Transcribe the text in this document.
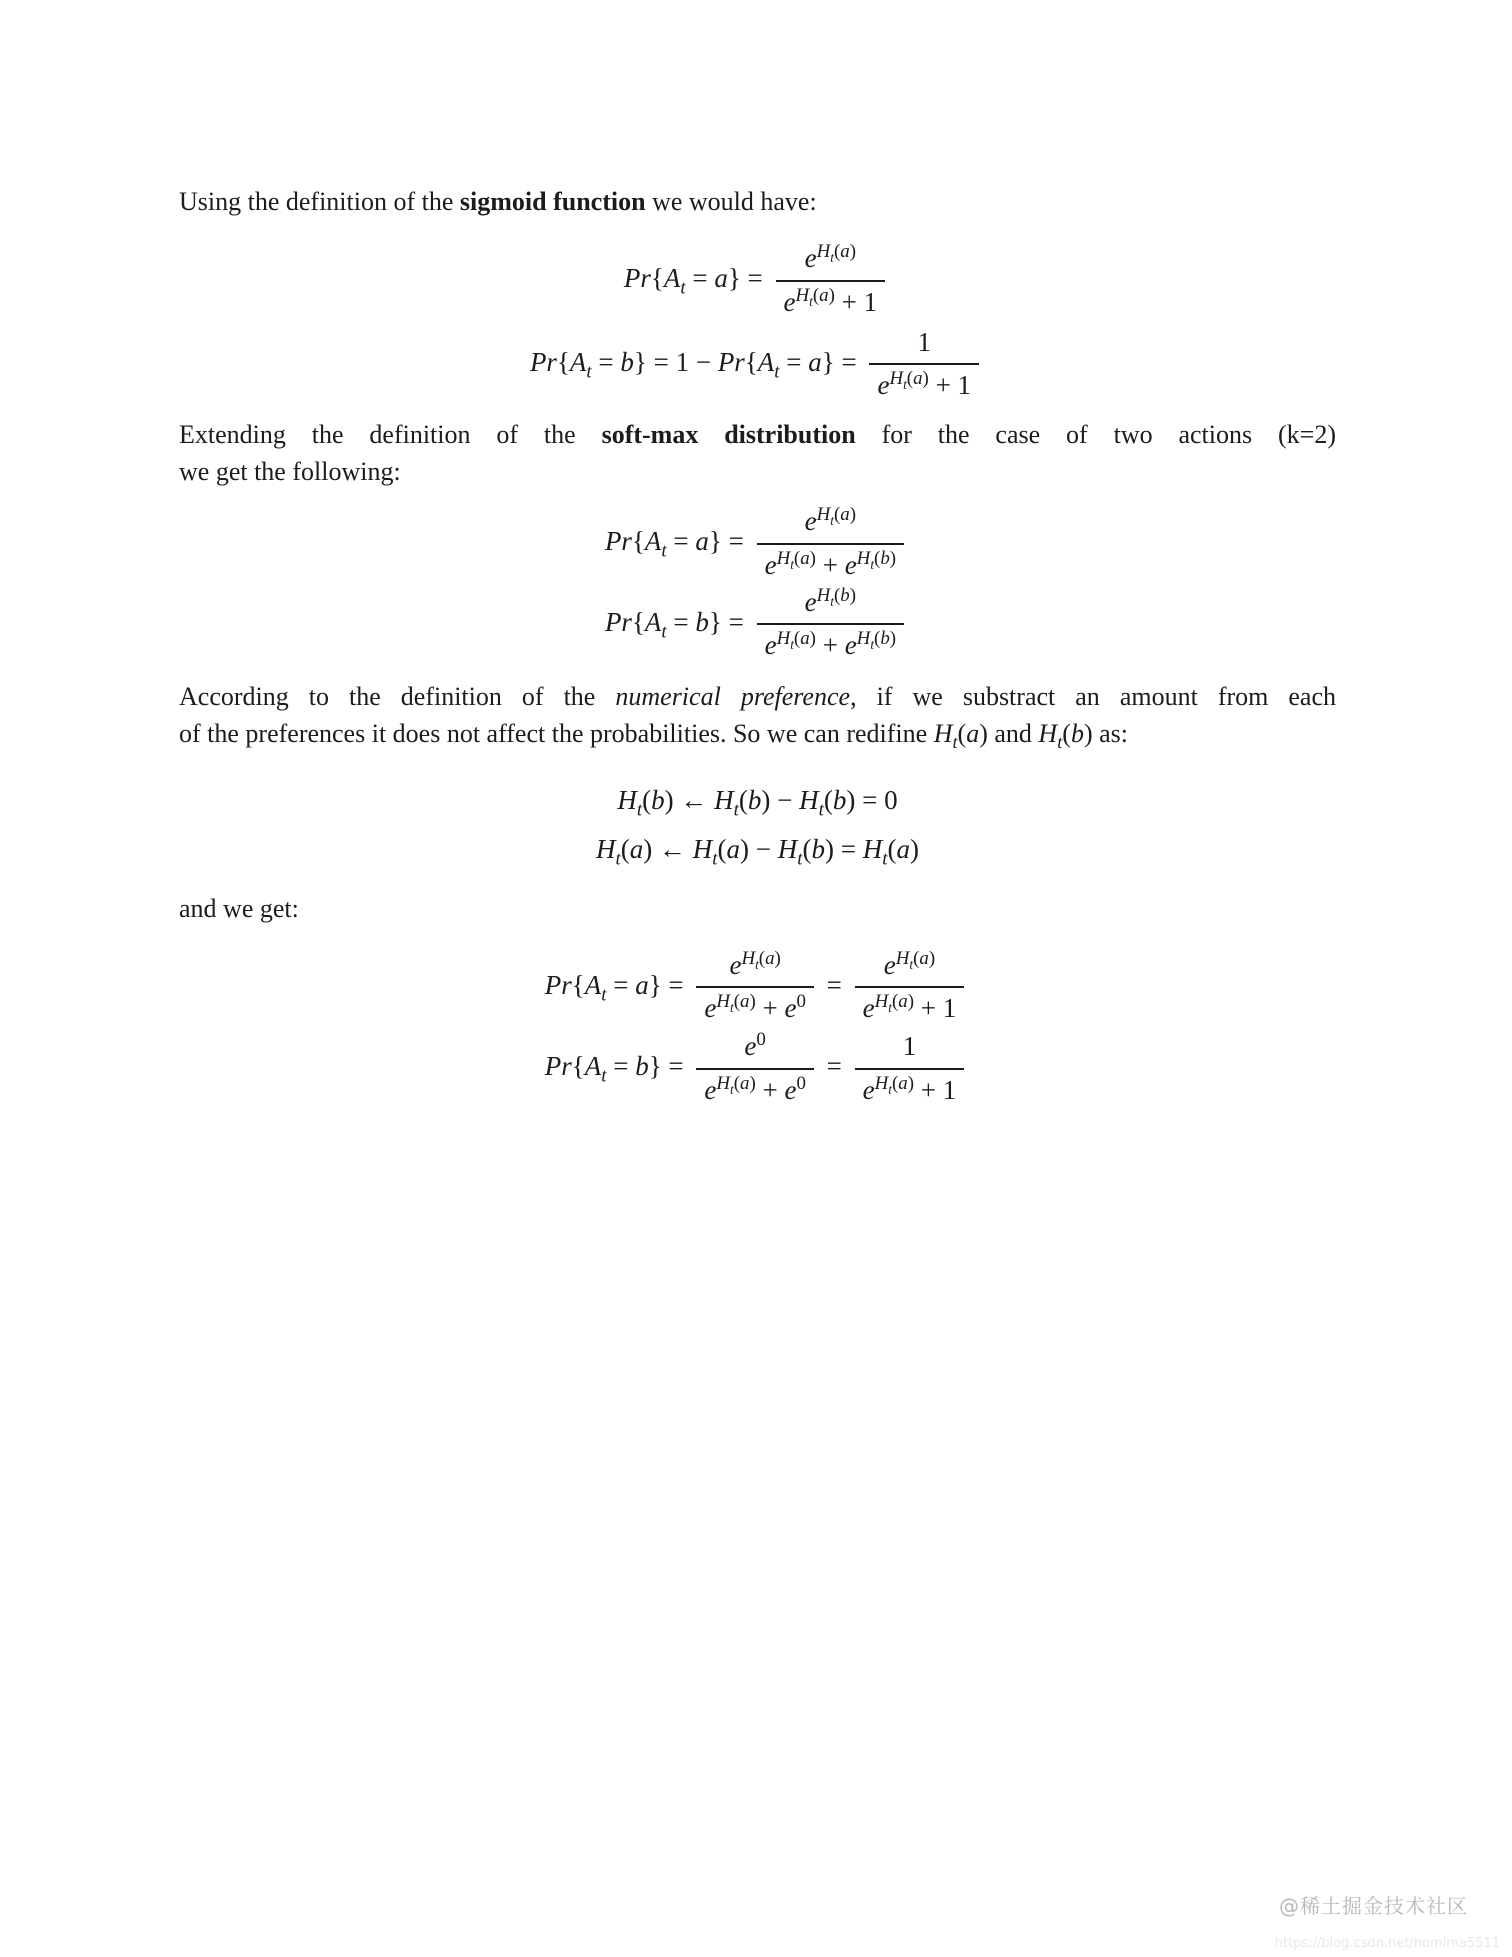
Using the definition of the sigmoid function we would have:
$Pr\{A_t = a\} = \frac{e^{H_t(a)}}{e^{H_t(a)} + 1}$
$Pr\{A_t = b\} = 1 - Pr\{A_t = a\} = \frac{1}{e^{H_t(a)} + 1}$
Extending the definition of the soft-max distribution for the case of two actions (k=2)
we get the following:
$Pr\{A_t = a\} = \frac{e^{H_t(a)}}{e^{H_t(a)} + e^{H_t(b)}}$
$Pr\{A_t = b\} = \frac{e^{H_t(b)}}{e^{H_t(a)} + e^{H_t(b)}}$
According to the definition of the numerical preference, if we substract an amount from each
of the preferences it does not affect the probabilities. So we can redifine $H_t(a)$ and $H_t(b)$ as:
$H_t(b)$ ← $H_t(b) - H_t(b) = 0$
$H_t(a)$ ← $H_t(a) - H_t(b) = H_t(a)$
and we get:
$Pr\{A_t = a\} = \frac{e^{H_t(a)}}{e^{H_t(a)} + e^0} = \frac{e^{H_t(a)}}{e^{H_t(a)} + 1}$
$Pr\{A_t = b\} = \frac{e^0}{e^{H_t(a)} + e^0} = \frac{1}{e^{H_t(a)} + 1}$
@稀土掘金技术社区
https://blog.csdn.net/homima5511
